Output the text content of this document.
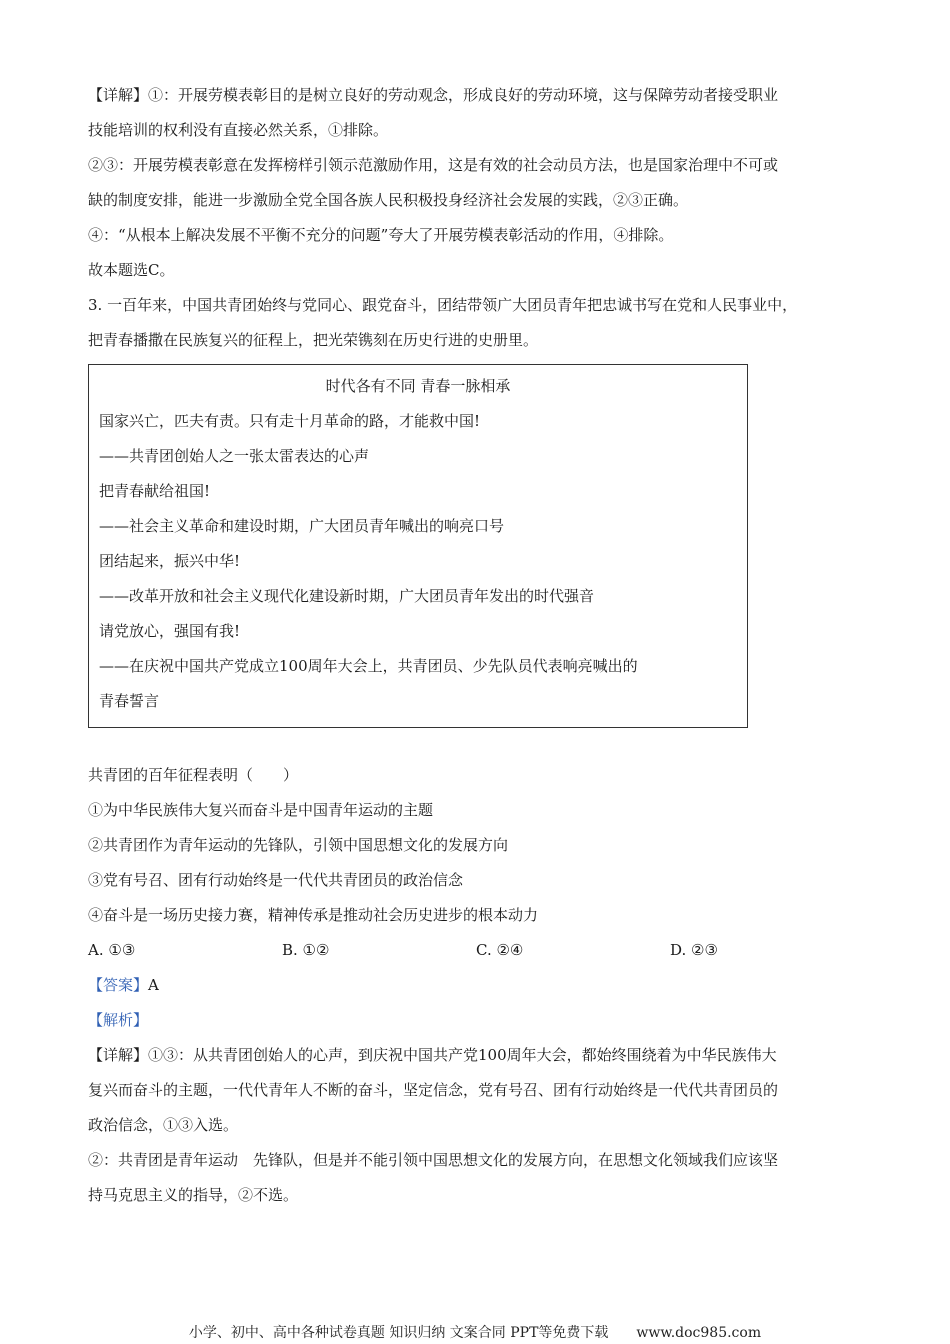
【详解】①：开展劳模表彰目的是树立良好的劳动观念，形成良好的劳动环境，这与保障劳动者接受职业

技能培训的权利没有直接必然关系，①排除。

②③：开展劳模表彰意在发挥榜样引领示范激励作用，这是有效的社会动员方法，也是国家治理中不可或

缺的制度安排，能进一步激励全党全国各族人民积极投身经济社会发展的实践，②③正确。

④：“从根本上解决发展不平衡不充分的问题”夸大了开展劳模表彰活动的作用，④排除。

故本题选C。

3. 一百年来，中国共青团始终与党同心、跟党奋斗，团结带领广大团员青年把忠诚书写在党和人民事业中，

把青春播撒在民族复兴的征程上，把光荣镌刻在历史行进的史册里。

时代各有不同 青春一脉相承

国家兴亡，匹夫有责。只有走十月革命的路，才能救中国!

——共青团创始人之一张太雷表达的心声

把青春献给祖国!

——社会主义革命和建设时期，广大团员青年喊出的响亮口号

团结起来，振兴中华!

——改革开放和社会主义现代化建设新时期，广大团员青年发出的时代强音

请党放心，强国有我!

——在庆祝中国共产党成立100周年大会上，共青团员、少先队员代表响亮喊出的

青春誓言

共青团的百年征程表明（　　）

①为中华民族伟大复兴而奋斗是中国青年运动的主题

②共青团作为青年运动的先锋队，引领中国思想文化的发展方向

③党有号召、团有行动始终是一代代共青团员的政治信念

④奋斗是一场历史接力赛，精神传承是推动社会历史进步的根本动力

A. ①③	B. ①②	C. ②④	D. ②③

【答案】A

【解析】

【详解】①③：从共青团创始人的心声，到庆祝中国共产党100周年大会，都始终围绕着为中华民族伟大

复兴而奋斗的主题，一代代青年人不断的奋斗，坚定信念，党有号召、团有行动始终是一代代共青团员的

政治信念，①③入选。

②：共青团是青年运动　先锋队，但是并不能引领中国思想文化的发展方向，在思想文化领域我们应该坚

持马克思主义的指导，②不选。

小学、初中、高中各种试卷真题 知识归纳 文案合同 PPT等免费下载　　www.doc985.com
